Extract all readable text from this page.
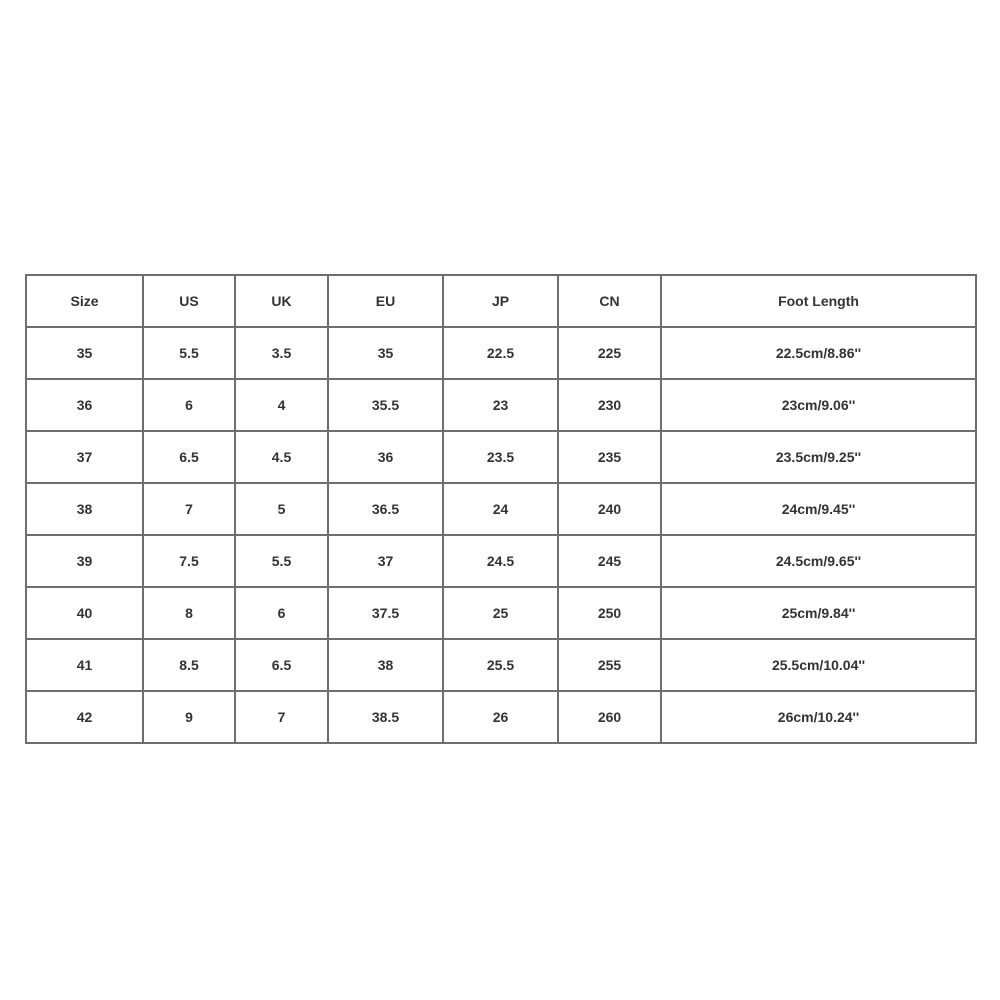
Size	US	UK	EU	JP	CN	Foot Length
35	5.5	3.5	35	22.5	225	22.5cm/8.86''
36	6	4	35.5	23	230	23cm/9.06''
37	6.5	4.5	36	23.5	235	23.5cm/9.25''
38	7	5	36.5	24	240	24cm/9.45''
39	7.5	5.5	37	24.5	245	24.5cm/9.65''
40	8	6	37.5	25	250	25cm/9.84''
41	8.5	6.5	38	25.5	255	25.5cm/10.04''
42	9	7	38.5	26	260	26cm/10.24''
